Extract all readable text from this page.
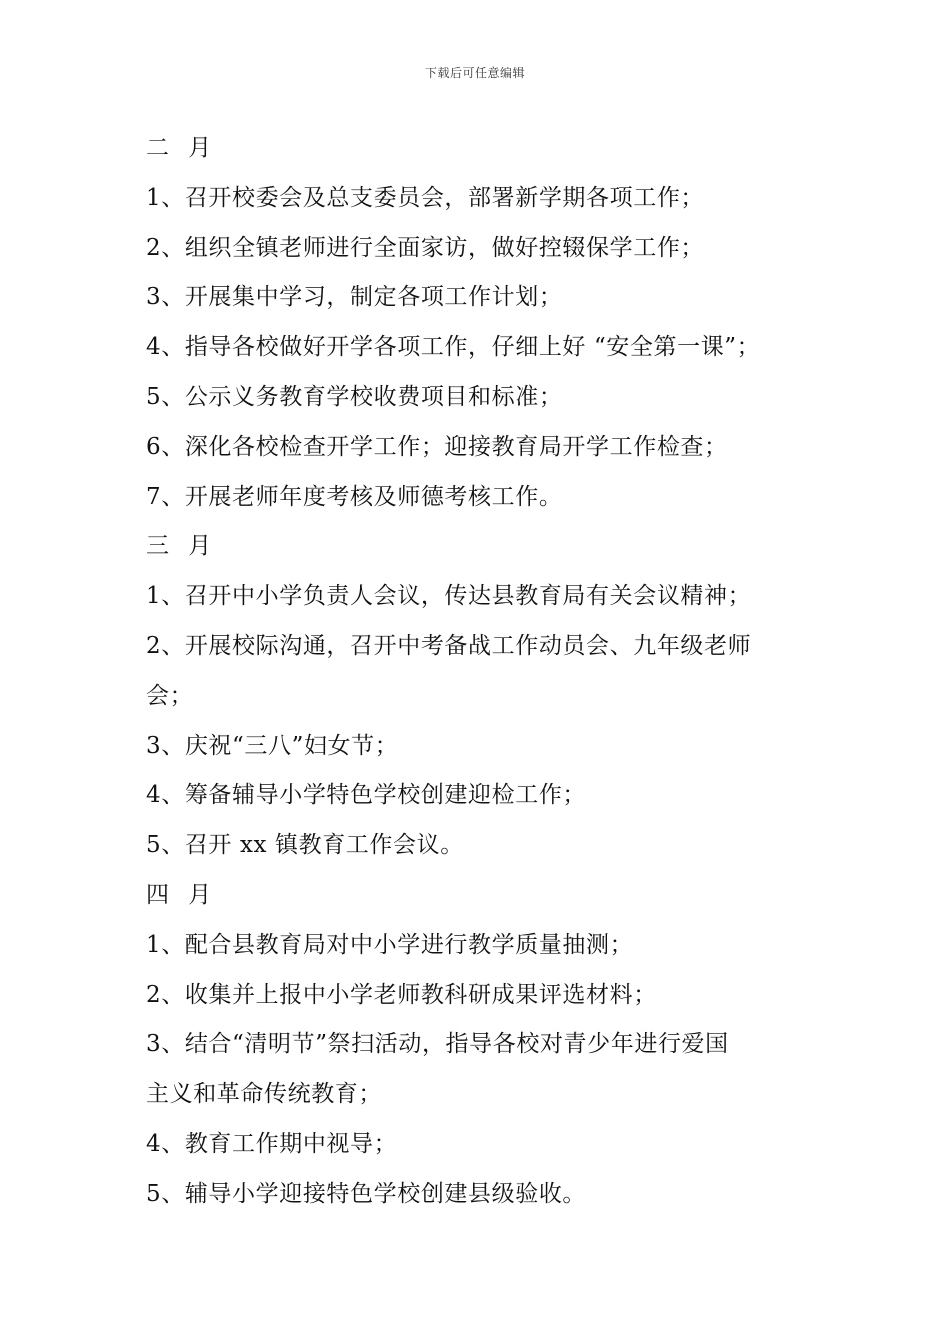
下载后可任意编辑
二 月
1、召开校委会及总支委员会，部署新学期各项工作；
2、组织全镇老师进行全面家访，做好控辍保学工作；
3、开展集中学习，制定各项工作计划；
4、指导各校做好开学各项工作，仔细上好 “安全第一课”；
5、公示义务教育学校收费项目和标准；
6、深化各校检查开学工作；迎接教育局开学工作检查；
7、开展老师年度考核及师德考核工作。
三 月
1、召开中小学负责人会议，传达县教育局有关会议精神；
2、开展校际沟通，召开中考备战工作动员会、九年级老师
会；
3、庆祝“三八”妇女节；
4、筹备辅导小学特色学校创建迎检工作；
5、召开 xx 镇教育工作会议。
四 月
1、配合县教育局对中小学进行教学质量抽测；
2、收集并上报中小学老师教科研成果评选材料；
3、结合“清明节”祭扫活动，指导各校对青少年进行爱国
主义和革命传统教育；
4、教育工作期中视导；
5、辅导小学迎接特色学校创建县级验收。
